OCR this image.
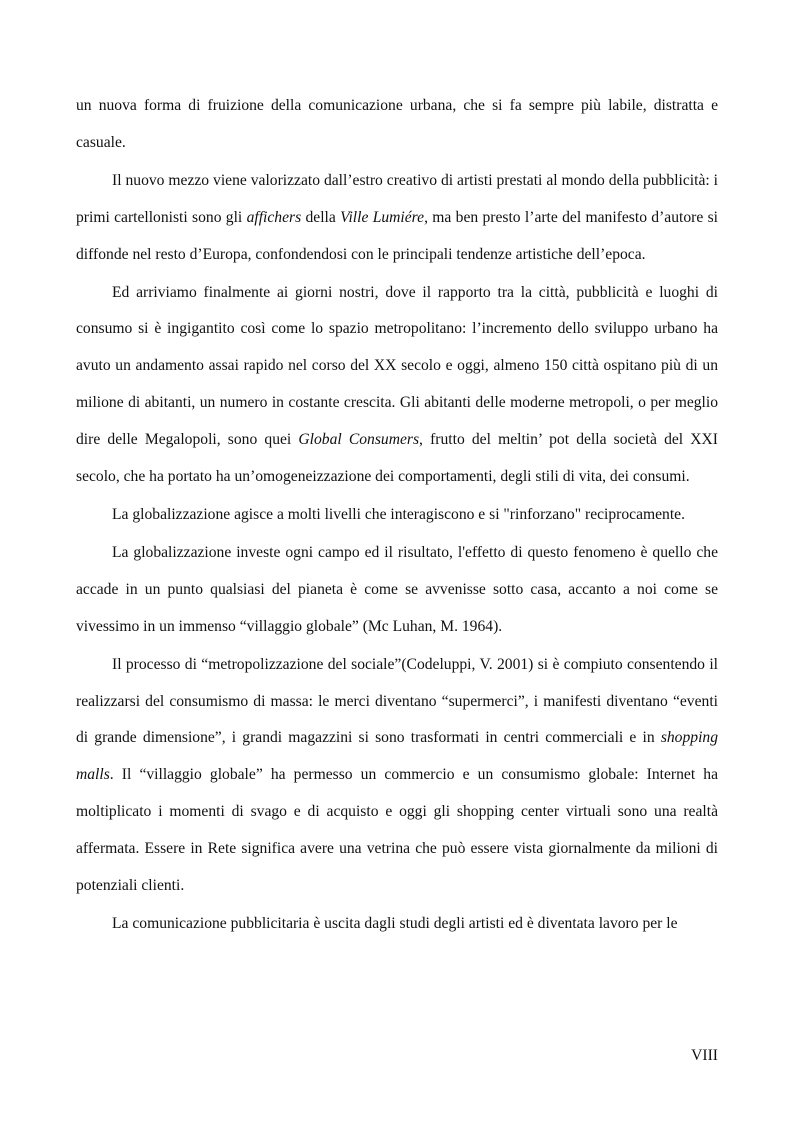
un nuova forma di fruizione della comunicazione urbana, che si fa sempre più labile, distratta e casuale.

Il nuovo mezzo viene valorizzato dall’estro creativo di artisti prestati al mondo della pubblicità: i primi cartellonisti sono gli affichers della Ville Lumiére, ma ben presto l’arte del manifesto d’autore si diffonde nel resto d’Europa, confondendosi con le principali tendenze artistiche dell’epoca.

Ed arriviamo finalmente ai giorni nostri, dove il rapporto tra la città, pubblicità e luoghi di consumo si è ingigantito così come lo spazio metropolitano: l’incremento dello sviluppo urbano ha avuto un andamento assai rapido nel corso del XX secolo e oggi, almeno 150 città ospitano più di un milione di abitanti, un numero in costante crescita. Gli abitanti delle moderne metropoli, o per meglio dire delle Megalopoli, sono quei Global Consumers, frutto del meltin’ pot della società del XXI secolo, che ha portato ha un’omogeneizzazione dei comportamenti, degli stili di vita, dei consumi.

La globalizzazione agisce a molti livelli che interagiscono e si "rinforzano" reciprocamente.

La globalizzazione investe ogni campo ed il risultato, l'effetto di questo fenomeno è quello che accade in un punto qualsiasi del pianeta è come se avvenisse sotto casa, accanto a noi come se vivessimo in un immenso “villaggio globale” (Mc Luhan, M. 1964).

Il processo di “metropolizzazione del sociale”(Codeluppi, V. 2001) si è compiuto consentendo il realizzarsi del consumismo di massa: le merci diventano “supermerci”, i manifesti diventano “eventi di grande dimensione”, i grandi magazzini si sono trasformati in centri commerciali e in shopping malls. Il “villaggio globale” ha permesso un commercio e un consumismo globale: Internet ha moltiplicato i momenti di svago e di acquisto e oggi gli shopping center virtuali sono una realtà affermata. Essere in Rete significa avere una vetrina che può essere vista giornalmente da milioni di potenziali clienti.

La comunicazione pubblicitaria è uscita dagli studi degli artisti ed è diventata lavoro per le

VIII
